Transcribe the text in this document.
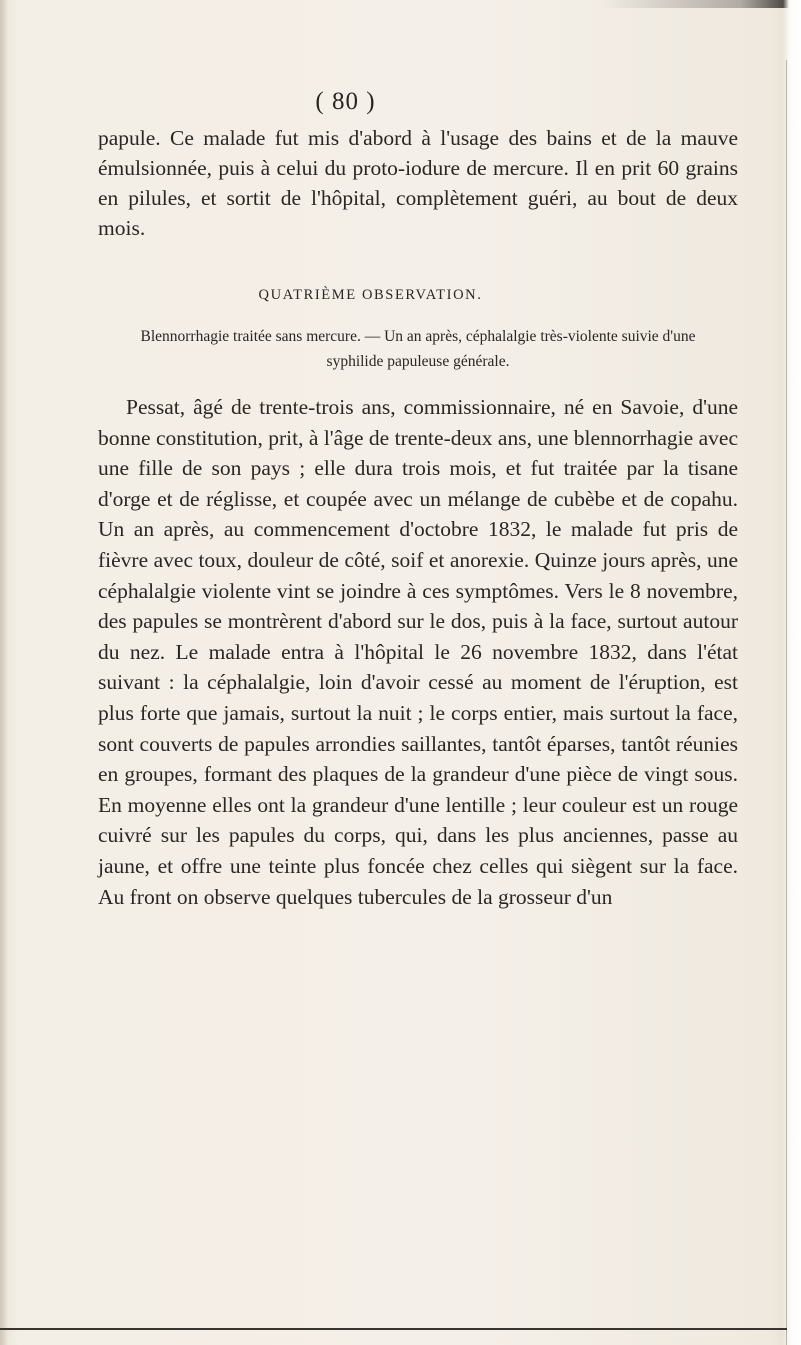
( 80 )
papule. Ce malade fut mis d'abord à l'usage des bains et de la mauve émulsionnée, puis à celui du proto-iodure de mercure. Il en prit 60 grains en pilules, et sortit de l'hôpital, complètement guéri, au bout de deux mois.
QUATRIÈME OBSERVATION.
Blennorrhagie traitée sans mercure. — Un an après, céphalalgie très-violente suivie d'une syphilide papuleuse générale.
Pessat, âgé de trente-trois ans, commissionnaire, né en Savoie, d'une bonne constitution, prit, à l'âge de trente-deux ans, une blennorrhagie avec une fille de son pays ; elle dura trois mois, et fut traitée par la tisane d'orge et de réglisse, et coupée avec un mélange de cubèbe et de copahu. Un an après, au commencement d'octobre 1832, le malade fut pris de fièvre avec toux, douleur de côté, soif et anorexie. Quinze jours après, une céphalalgie violente vint se joindre à ces symptômes. Vers le 8 novembre, des papules se montrèrent d'abord sur le dos, puis à la face, surtout autour du nez. Le malade entra à l'hôpital le 26 novembre 1832, dans l'état suivant : la céphalalgie, loin d'avoir cessé au moment de l'éruption, est plus forte que jamais, surtout la nuit ; le corps entier, mais surtout la face, sont couverts de papules arrondies saillantes, tantôt éparses, tantôt réunies en groupes, formant des plaques de la grandeur d'une pièce de vingt sous. En moyenne elles ont la grandeur d'une lentille ; leur couleur est un rouge cuivré sur les papules du corps, qui, dans les plus anciennes, passe au jaune, et offre une teinte plus foncée chez celles qui siègent sur la face. Au front on observe quelques tubercules de la grosseur d'un
